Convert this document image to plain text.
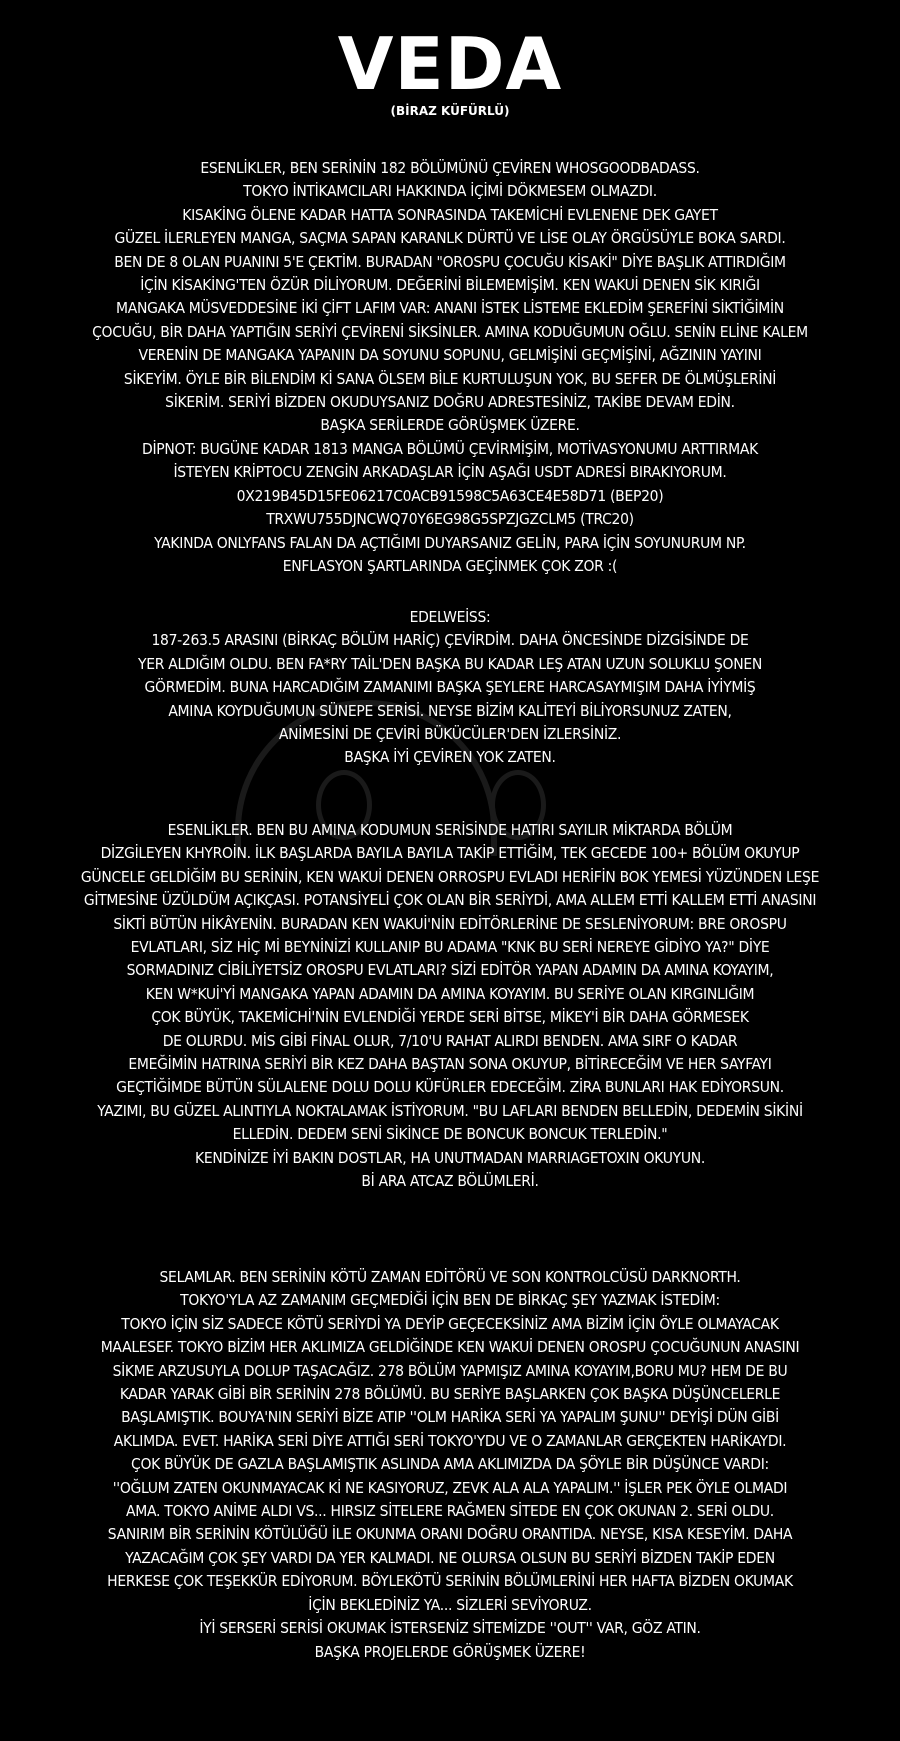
VEDA
(BİRAZ KÜFÜRLÜ)
ESENLİKLER, BEN SERİNİN 182 BÖLÜMÜNÜ ÇEVİREN WHOSGOODBADASS.
TOKYO İNTİKAMCILARI HAKKINDA İÇİMİ DÖKMESEM OLMAZDI.
KISAKİNG ÖLENE KADAR HATTA SONRASINDA TAKEMİCHİ EVLENENE DEK GAYET
GÜZEL İLERLEYEN MANGA, SAÇMA SAPAN KARANLK DÜRTÜ VE LİSE OLAY ÖRGÜSÜYLE BOKA SARDI.
BEN DE 8 OLAN PUANINI 5'E ÇEKTİM. BURADAN "OROSPU ÇOCUĞU KİSAKİ" DİYE BAŞLIK ATTIRDIĞIM
İÇİN KİSAKİNG'TEN ÖZÜR DİLİYORUM. DEĞERİNİ BİLEMEMİŞİM. KEN WAKUİ DENEN SİK KIRIĞI
MANGAKA MÜSVEDDESİNE İKİ ÇİFT LAFIM VAR: ANANI İSTEK LİSTEME EKLEDİM ŞEREFİNİ SİKTİĞİMİN
ÇOCUĞU, BİR DAHA YAPTIĞIN SERİYİ ÇEVİRENİ SİKSİNLER. AMINA KODUĞUMUN OĞLU. SENİN ELİNE KALEM
VERENİN DE MANGAKA YAPANIN DA SOYUNU SOPUNU, GELMİŞİNİ GEÇMİŞİNİ, AĞZININ YAYINI
SİKEYİM. ÖYLE BİR BİLENDİM Kİ SANA ÖLSEM BİLE KURTULUŞUN YOK, BU SEFER DE ÖLMÜŞLERİNİ
SİKERİM. SERİYİ BİZDEN OKUDUYSANIZ DOĞRU ADRESTESİNİZ, TAKİBE DEVAM EDİN.
BAŞKA SERİLERDE GÖRÜŞMEK ÜZERE.
DİPNOT: BUGÜNE KADAR 1813 MANGA BÖLÜMÜ ÇEVİRMİŞİM, MOTİVASYONUMU ARTTIRMAK
İSTEYEN KRİPTOCU ZENGİN ARKADAŞLAR İÇİN AŞAĞI USDT ADRESİ BIRAKIYORUM.
0X219B45D15FE06217C0ACB91598C5A63CE4E58D71 (BEP20)
TRXWU755DJNCWQ70Y6EG98G5SPZJGZCLM5 (TRC20)
YAKINDA ONLYFANS FALAN DA AÇTIĞIMI DUYARSANIZ GELİN, PARA İÇİN SOYUNURUM NP.
ENFLASYON ŞARTLARINDA GEÇİNMEK ÇOK ZOR :(
EDELWEİSS:
187-263.5 ARASINI (BİRKAÇ BÖLÜM HARİÇ) ÇEVİRDİM. DAHA ÖNCESİNDE DİZGİSİNDE DE
YER ALDIĞIM OLDU. BEN FA*RY TAİL'DEN BAŞKA BU KADAR LEŞ ATAN UZUN SOLUKLU ŞONEN
GÖRMEDİM. BUNA HARCADIĞIM ZAMANIMI BAŞKA ŞEYLERE HARCASAYMIŞIM DAHA İYİYMİŞ
AMINA KOYDUĞUMUN SÜNEPE SERİSİ. NEYSE BİZİM KALİTEYİ BİLİYORSUNUZ ZATEN,
ANİMESİNİ DE ÇEVİRİ BÜKÜCÜLER'DEN İZLERSİNİZ.
BAŞKA İYİ ÇEVİREN YOK ZATEN.
ESENLİKLER. BEN BU AMINA KODUMUN SERİSİNDE HATIRI SAYILIR MİKTARDA BÖLÜM
DİZGİLEYEN KHYROİN. İLK BAŞLARDA BAYILA BAYILA TAKİP ETTİĞİM, TEK GECEDE 100+ BÖLÜM OKUYUP
GÜNCELE GELDİĞİM BU SERİNİN, KEN WAKUİ DENEN ORROSPU EVLADI HERİFİN BOK YEMESİ YÜZÜNDEN LEŞE
GİTMESİNE ÜZÜLDÜM AÇIKÇASI. POTANSİYELİ ÇOK OLAN BİR SERİYDİ, AMA ALLEM ETTİ KALLEM ETTİ ANASINI
SİKTİ BÜTÜN HİKÂYENİN. BURADAN KEN WAKUİ'NİN EDİTÖRLERİNE DE SESLENİYORUM: BRE OROSPU
EVLATLARI, SİZ HİÇ Mİ BEYNİNİZİ KULLANIP BU ADAMA "KNK BU SERİ NEREYE GİDİYO YA?" DİYE
SORMADINIZ CİBİLİYETSİZ OROSPU EVLATLARI? SİZİ EDİTÖR YAPAN ADAMIN DA AMINA KOYAYIM,
KEN W*KUİ'Yİ MANGAKA YAPAN ADAMIN DA AMINA KOYAYIM. BU SERİYE OLAN KIRGINLIĞIM
ÇOK BÜYÜK, TAKEMİCHİ'NİN EVLENDİĞİ YERDE SERİ BİTSE, MİKEY'İ BİR DAHA GÖRMESEK
DE OLURDU. MİS GİBİ FİNAL OLUR, 7/10'U RAHAT ALIRDI BENDEN. AMA SIRF O KADAR
EMEĞİMİN HATRINA SERİYİ BİR KEZ DAHA BAŞTAN SONA OKUYUP, BİTİRECEĞİM VE HER SAYFAYI
GEÇTİĞİMDE BÜTÜN SÜLALENE DOLU DOLU KÜFÜRLER EDECEĞİM. ZİRA BUNLARI HAK EDİYORSUN.
YAZIMI, BU GÜZEL ALINTIYLA NOKTALAMAK İSTİYORUM. "BU LAFLARI BENDEN BELLEDİN, DEDEMİN SİKİNİ
ELLEDİN. DEDEM SENİ SİKİNCE DE BONCUK BONCUK TERLEDİN."
KENDİNİZE İYİ BAKIN DOSTLAR, HA UNUTMADAN MARRIAGETOXIN OKUYUN.
Bİ ARA ATCAZ BÖLÜMLERİ.
SELAMLAR. BEN SERİNİN KÖTÜ ZAMAN EDİTÖRÜ VE SON KONTROLCÜSÜ DARKNORTH.
TOKYO'YLA AZ ZAMANIM GEÇMEDİĞİ İÇİN BEN DE BİRKAÇ ŞEY YAZMAK İSTEDİM:
TOKYO İÇİN SİZ SADECE KÖTÜ SERİYDİ YA DEYİP GEÇECEKSİNİZ AMA BİZİM İÇİN ÖYLE OLMAYACAK
MAALESEF. TOKYO BİZİM HER AKLIMIZA GELDİĞİNDE KEN WAKUİ DENEN OROSPU ÇOCUĞUNUN ANASINI
SİKME ARZUSUYLA DOLUP TAŞACAĞIZ. 278 BÖLÜM YAPMIŞIZ AMINA KOYAYIM,BORU MU? HEM DE BU
KADAR YARAK GİBİ BİR SERİNİN 278 BÖLÜMÜ. BU SERİYE BAŞLARKEN ÇOK BAŞKA DÜŞÜNCELERLE
BAŞLAMIŞTIK. BOUYA'NIN SERİYİ BİZE ATIP ''OLM HARİKA SERİ YA YAPALIM ŞUNU'' DEYİŞİ DÜN GİBİ
AKLIMDA. EVET. HARİKA SERİ DİYE ATTIĞI SERİ TOKYO'YDU VE O ZAMANLAR GERÇEKTEN HARİKAYDI.
ÇOK BÜYÜK DE GAZLA BAŞLAMIŞTIK ASLINDA AMA AKLIMIZDA DA ŞÖYLE BİR DÜŞÜNCE VARDI:
''OĞLUM ZATEN OKUNMAYACAK Kİ NE KASIYORUZ, ZEVK ALA ALA YAPALIM.'' İŞLER PEK ÖYLE OLMADI
AMA. TOKYO ANİME ALDI VS... HIRSIZ SİTELERE RAĞMEN SİTEDE EN ÇOK OKUNAN 2. SERİ OLDU.
SANIRIM BİR SERİNİN KÖTÜLÜĞÜ İLE OKUNMA ORANI DOĞRU ORANTIDA. NEYSE, KISA KESEYİM. DAHA
YAZACAĞIM ÇOK ŞEY VARDI DA YER KALMADI. NE OLURSA OLSUN BU SERİYİ BİZDEN TAKİP EDEN
HERKESE ÇOK TEŞEKKÜR EDİYORUM. BÖYLEKÖTÜ SERİNİN BÖLÜMLERİNİ HER HAFTA BİZDEN OKUMAK
İÇİN BEKLEDİNİZ YA... SİZLERİ SEVİYORUZ.
İYİ SERSERİ SERİSİ OKUMAK İSTERSENİZ SİTEMİZDE ''OUT'' VAR, GÖZ ATIN.
BAŞKA PROJELERDE GÖRÜŞMEK ÜZERE!
